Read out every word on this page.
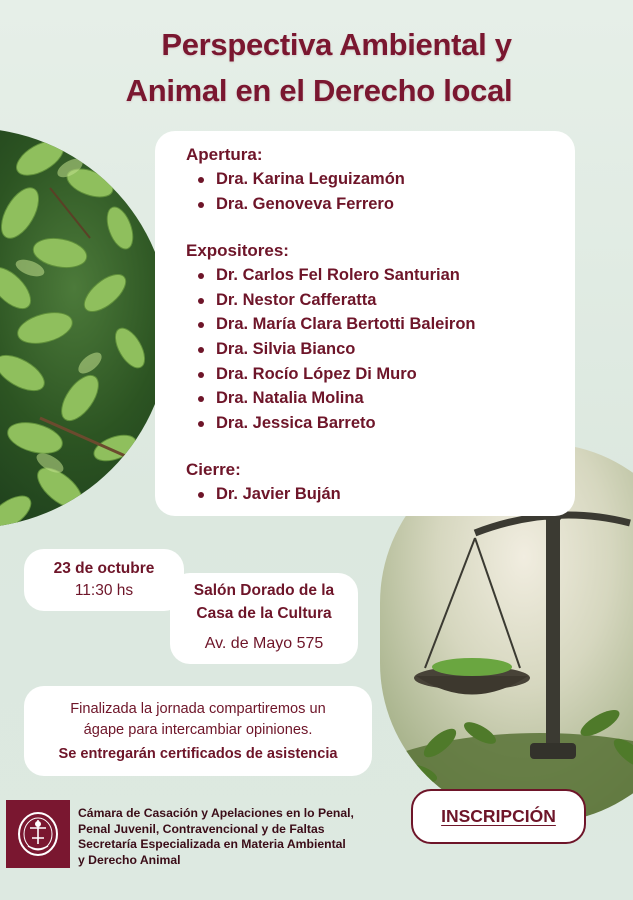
Perspectiva Ambiental y
Animal en el Derecho local
Apertura:
Dra. Karina Leguizamón
Dra. Genoveva Ferrero
Expositores:
Dr. Carlos Fel Rolero Santurian
Dr. Nestor Cafferatta
Dra. María Clara Bertotti Baleiron
Dra. Silvia Bianco
Dra. Rocío López Di Muro
Dra. Natalia Molina
Dra. Jessica Barreto
Cierre:
Dr. Javier Buján
23 de octubre
11:30 hs	Salón Dorado de la
Casa de la Cultura
Av. de Mayo 575
Finalizada la jornada compartiremos un
ágape para intercambiar opiniones.
Se entregarán certificados de asistencia
INSCRIPCIÓN
Cámara de Casación y Apelaciones en lo Penal,
Penal Juvenil, Contravencional y de Faltas
Secretaría Especializada en Materia Ambiental
y Derecho Animal
